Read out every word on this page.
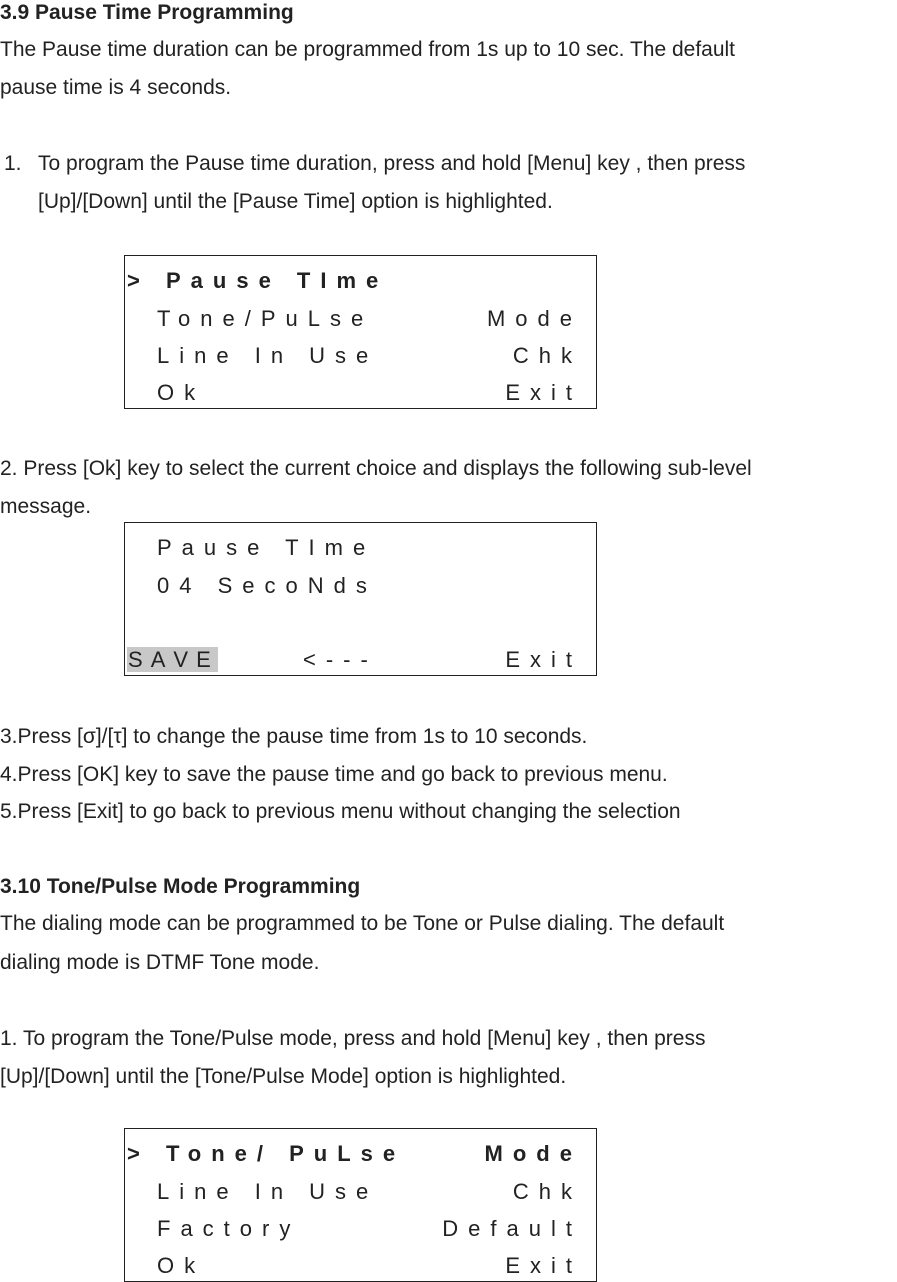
3.9 Pause Time Programming
The Pause time duration can be programmed from 1s up to 10 sec. The default
pause time is 4 seconds.
1. To program the Pause time duration, press and hold [Menu] key , then press
[Up]/[Down] until the [Pause Time] option is highlighted.
> Pause TIme
Tone/PuLse	Mode
Line In Use	Chk
Ok	Exit
2. Press [Ok] key to select the current choice and displays the following sub-level
message.
Pause TIme
04 SecoNds
SAVE	<---	Exit
3.Press [σ]/[τ] to change the pause time from 1s to 10 seconds.
4.Press [OK] key to save the pause time and go back to previous menu.
5.Press [Exit] to go back to previous menu without changing the selection
3.10 Tone/Pulse Mode Programming
The dialing mode can be programmed to be Tone or Pulse dialing. The default
dialing mode is DTMF Tone mode.
1. To program the Tone/Pulse mode, press and hold [Menu] key , then press
[Up]/[Down] until the [Tone/Pulse Mode] option is highlighted.
> Tone/ PuLse	Mode
Line In Use	Chk
Factory	Default
Ok	Exit
